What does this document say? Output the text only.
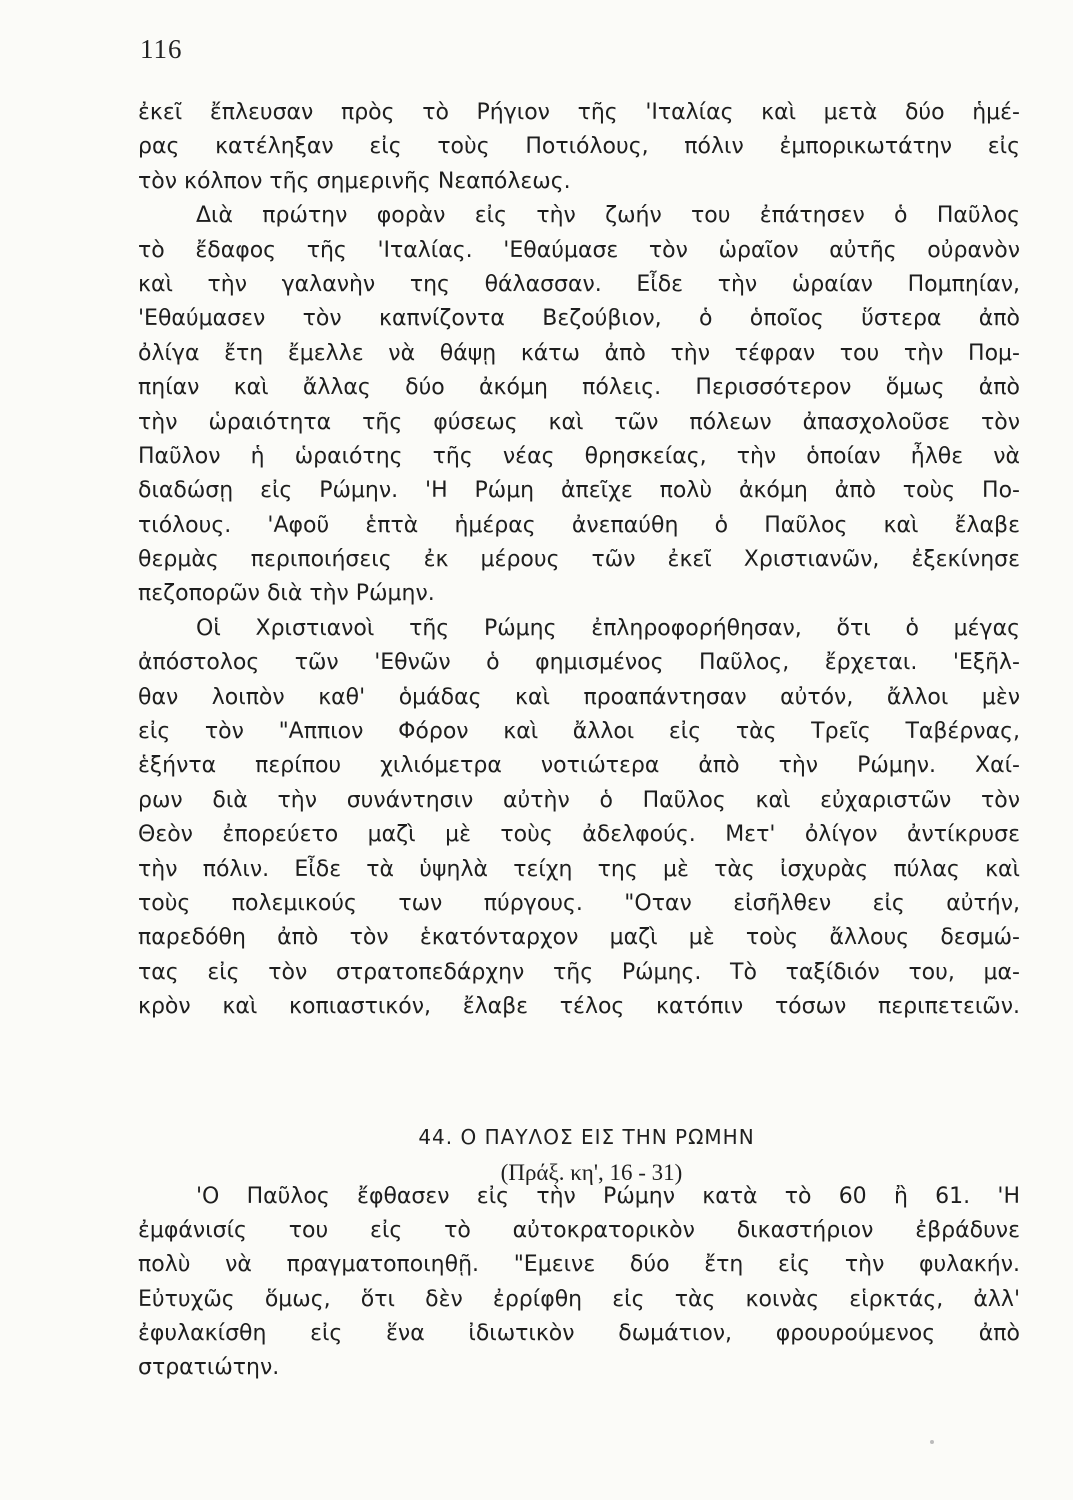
116
ἐκεῖ ἔπλευσαν πρὸς τὸ Ρήγιον τῆς 'Ιταλίας καὶ μετὰ δύο ἡμέ-
ρας κατέληξαν εἰς τοὺς Ποτιόλους, πόλιν ἐμπορικωτάτην εἰς
τὸν κόλπον τῆς σημερινῆς Νεαπόλεως.
Διὰ πρώτην φορὰν εἰς τὴν ζωήν του ἐπάτησεν ὁ Παῦλος
τὸ ἔδαφος τῆς 'Ιταλίας. 'Εθαύμασε τὸν ὡραῖον αὐτῆς οὐρανὸν
καὶ τὴν γαλανὴν της θάλασσαν. Εἶδε τὴν ὡραίαν Πομπηίαν,
'Εθαύμασεν τὸν καπνίζοντα Βεζούβιον, ὁ ὁποῖος ὕστερα ἀπὸ
ὀλίγα ἔτη ἔμελλε νὰ θάψῃ κάτω ἀπὸ τὴν τέφραν του τὴν Πομ-
πηίαν καὶ ἄλλας δύο ἀκόμη πόλεις. Περισσότερον ὅμως ἀπὸ
τὴν ὡραιότητα τῆς φύσεως καὶ τῶν πόλεων ἀπασχολοῦσε τὸν
Παῦλον ἡ ὡραιότης τῆς νέας θρησκείας, τὴν ὁποίαν ἦλθε νὰ
διαδώσῃ εἰς Ρώμην. 'Η Ρώμη ἀπεῖχε πολὺ ἀκόμη ἀπὸ τοὺς Πο-
τιόλους. 'Αφοῦ ἑπτὰ ἡμέρας ἀνεπαύθη ὁ Παῦλος καὶ ἔλαβε
θερμὰς περιποιήσεις ἐκ μέρους τῶν ἐκεῖ Χριστιανῶν, ἐξεκίνησε
πεζοπορῶν διὰ τὴν Ρώμην.
Οἱ Χριστιανοὶ τῆς Ρώμης ἐπληροφορήθησαν, ὅτι ὁ μέγας
ἀπόστολος τῶν 'Εθνῶν ὁ φημισμένος Παῦλος, ἔρχεται. 'Εξῆλ-
θαν λοιπὸν καθ' ὁμάδας καὶ προαπάντησαν αὐτόν, ἄλλοι μὲν
εἰς τὸν "Αππιον Φόρον καὶ ἄλλοι εἰς τὰς Τρεῖς Ταβέρνας,
ἑξήντα περίπου χιλιόμετρα νοτιώτερα ἀπὸ τὴν Ρώμην. Χαί-
ρων διὰ τὴν συνάντησιν αὐτὴν ὁ Παῦλος καὶ εὐχαριστῶν τὸν
Θεὸν ἐπορεύετο μαζὶ μὲ τοὺς ἀδελφούς. Μετ' ὀλίγον ἀντίκρυσε
τὴν πόλιν. Εἶδε τὰ ὑψηλὰ τείχη της μὲ τὰς ἰσχυρὰς πύλας καὶ
τοὺς πολεμικούς των πύργους. "Οταν εἰσῆλθεν εἰς αὐτήν,
παρεδόθη ἀπὸ τὸν ἑκατόνταρχον μαζὶ μὲ τοὺς ἄλλους δεσμώ-
τας εἰς τὸν στρατοπεδάρχην τῆς Ρώμης. Τὸ ταξίδιόν του, μα-
κρὸν καὶ κοπιαστικόν, ἔλαβε τέλος κατόπιν τόσων περιπετειῶν.
44. Ο ΠΑΥΛΟΣ ΕΙΣ ΤΗΝ ΡΩΜΗΝ
(Πράξ. κη', 16 - 31)
'Ο Παῦλος ἔφθασεν εἰς τὴν Ρώμην κατὰ τὸ 60 ἢ 61. 'Η
ἐμφάνισίς του εἰς τὸ αὐτοκρατορικὸν δικαστήριον ἐβράδυνε
πολὺ νὰ πραγματοποιηθῇ. "Εμεινε δύο ἔτη εἰς τὴν φυλακήν.
Εὐτυχῶς ὅμως, ὅτι δὲν ἐρρίφθη εἰς τὰς κοινὰς εἱρκτάς, ἀλλ'
ἐφυλακίσθη εἰς ἕνα ἰδιωτικὸν δωμάτιον, φρουρούμενος ἀπὸ
στρατιώτην.
